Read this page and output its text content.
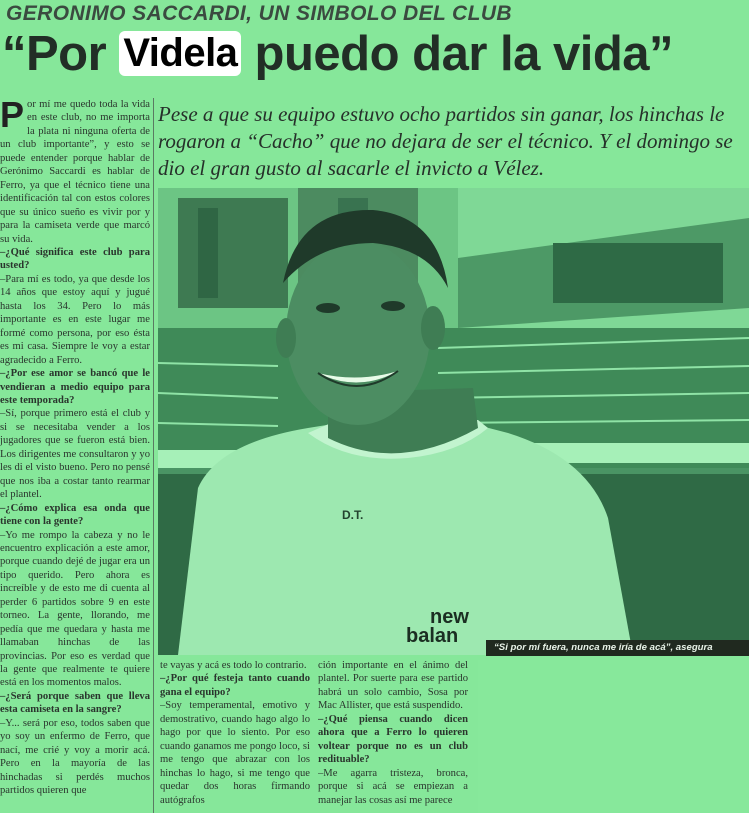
GERONIMO SACCARDI, UN SIMBOLO DEL CLUB
“Por Videla puedo dar la vida”
Pese a que su equipo estuvo ocho partidos sin ganar, los hinchas le rogaron a “Cacho” que no dejara de ser el técnico. Y el domingo se dio el gran gusto al sacarle el invicto a Vélez.
P or mí me quedo toda la vida en este club, no me importa la plata ni ninguna oferta de un club importante”, y esto se puede entender porque hablar de Gerónimo Saccardi es hablar de Ferro, ya que el técnico tiene una identificación tal con estos colores que su único sueño es vivir por y para la camiseta verde que marcó su vida.

–¿Qué significa este club para usted?

–Para mí es todo, ya que desde los 14 años que estoy aquí y jugué hasta los 34. Pero lo más importante es en este lugar me formé como persona, por eso ésta es mi casa. Siempre le voy a estar agradecido a Ferro.

–¿Por ese amor se bancó que le vendieran a medio equipo para este temporada?

–Sí, porque primero está el club y si se necesitaba vender a los jugadores que se fueron está bien. Los dirigentes me consultaron y yo les di el visto bueno. Pero no pensé que nos iba a costar tanto rearmar el plantel.

–¿Cómo explica esa onda que tiene con la gente?

–Yo me rompo la cabeza y no le encuentro explicación a este amor, porque cuando dejé de jugar era un tipo querido. Pero ahora es increíble y de esto me di cuenta al perder 6 partidos sobre 9 en este torneo. La gente, llorando, me pedía que me quedara y hasta me llamaban hinchas de las provincias. Por eso es verdad que la gente que realmente te quiere está en los momentos malos.

–¿Será porque saben que lleva esta camiseta en la sangre?

–Y... será por eso, todos saben que yo soy un enfermo de Ferro, que nací, me crié y voy a morir acá. Pero en la mayoría de las hinchadas si perdés muchos partidos quieren que

D.T.
new
balan
“Si por mí fuera, nunca me iría de acá”, asegura

te vayas y acá es todo lo contrario.

–¿Por qué festeja tanto cuando gana el equipo?

–Soy temperamental, emotivo y demostrativo, cuando hago algo lo hago por que lo siento. Por eso cuando ganamos me pongo loco, si me tengo que abrazar con los hinchas lo hago, si me tengo que quedar dos horas firmando autógrafos

ción importante en el ánimo del plantel. Por suerte para ese partido habrá un solo cambio, Sosa por Mac Allister, que está suspendido.

–¿Qué piensa cuando dicen ahora que a Ferro lo quieren voltear porque no es un club redituable?

–Me agarra tristeza, bronca, porque si acá se empiezan a manejar las cosas así me parece
